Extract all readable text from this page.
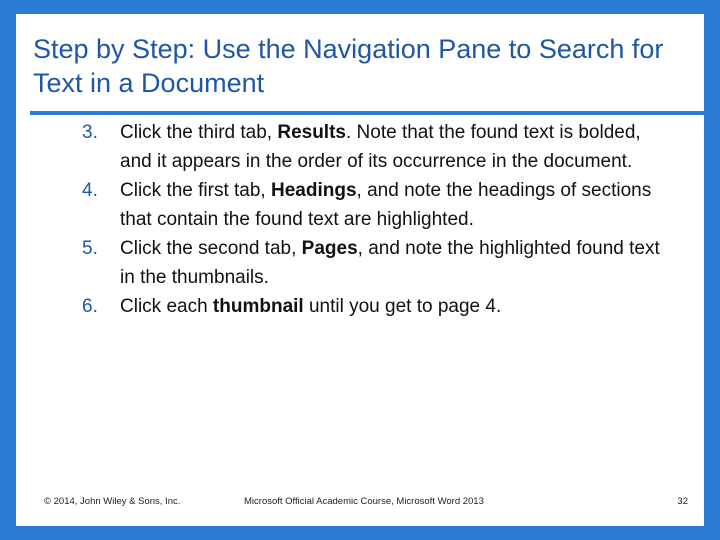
Step by Step: Use the Navigation Pane to Search for Text in a Document
3. Click the third tab, Results. Note that the found text is bolded, and it appears in the order of its occurrence in the document.
4. Click the first tab, Headings, and note the headings of sections that contain the found text are highlighted.
5. Click the second tab, Pages, and note the highlighted found text in the thumbnails.
6. Click each thumbnail until you get to page 4.
© 2014, John Wiley & Sons, Inc.	Microsoft Official Academic Course, Microsoft Word 2013	32
